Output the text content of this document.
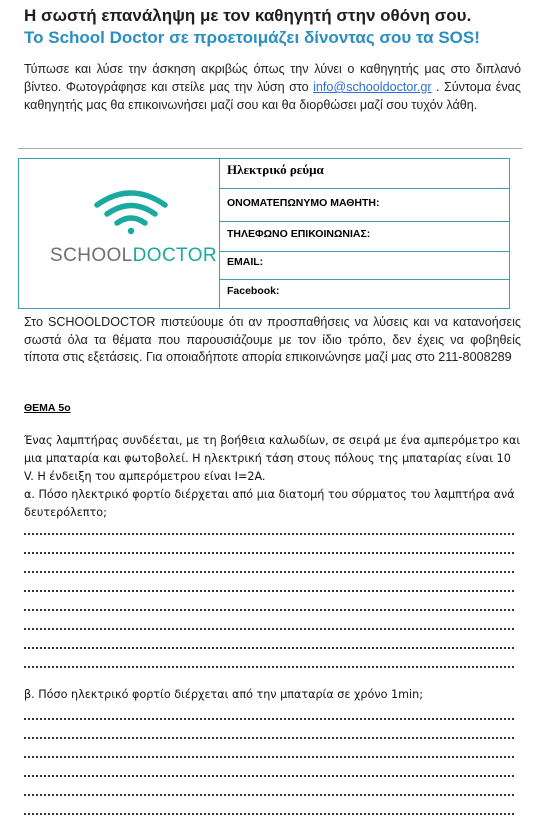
Η σωστή επανάληψη με τον καθηγητή στην οθόνη σου.
Το School Doctor σε προετοιμάζει δίνοντας σου τα SOS!
Τύπωσε και λύσε την άσκηση ακριβώς όπως την λύνει ο καθηγητής μας στο διπλανό βίντεο. Φωτογράφησε και στείλε μας την λύση στο info@schooldoctor.gr . Σύντομα ένας καθηγητής μας θα επικοινωνήσει μαζί σου και θα διορθώσει μαζί σου τυχόν λάθη.
SCHOOLDOCTOR
Ηλεκτρικό ρεύμα
ΟΝΟΜΑΤΕΠΩΝΥΜΟ ΜΑΘΗΤΗ:
ΤΗΛΕΦΩΝΟ ΕΠΙΚΟΙΝΩΝΙΑΣ:
EMAIL:
Facebook:
Στο SCHOOLDOCTOR πιστεύουμε ότι αν προσπαθήσεις να λύσεις και να κατανοήσεις σωστά όλα τα θέματα που παρουσιάζουμε με τον ίδιο τρόπο, δεν έχεις να φοβηθείς τίποτα στις εξετάσεις. Για οποιαδήποτε απορία επικοινώνησε μαζί μας στο 211-8008289
ΘΕΜΑ 5ο

Ένας λαμπτήρας συνδέεται, με τη βοήθεια καλωδίων, σε σειρά με ένα αμπερόμετρο και μια μπαταρία και φωτοβολεί. Η ηλεκτρική τάση στους πόλους της μπαταρίας είναι 10 V. Η ένδειξη του αμπερόμετρου είναι I=2A.

α. Πόσο ηλεκτρικό φορτίο διέρχεται από μια διατομή του σύρματος του λαμπτήρα ανά δευτερόλεπτο;

β. Πόσο ηλεκτρικό φορτίο διέρχεται από την μπαταρία σε χρόνο 1min;
